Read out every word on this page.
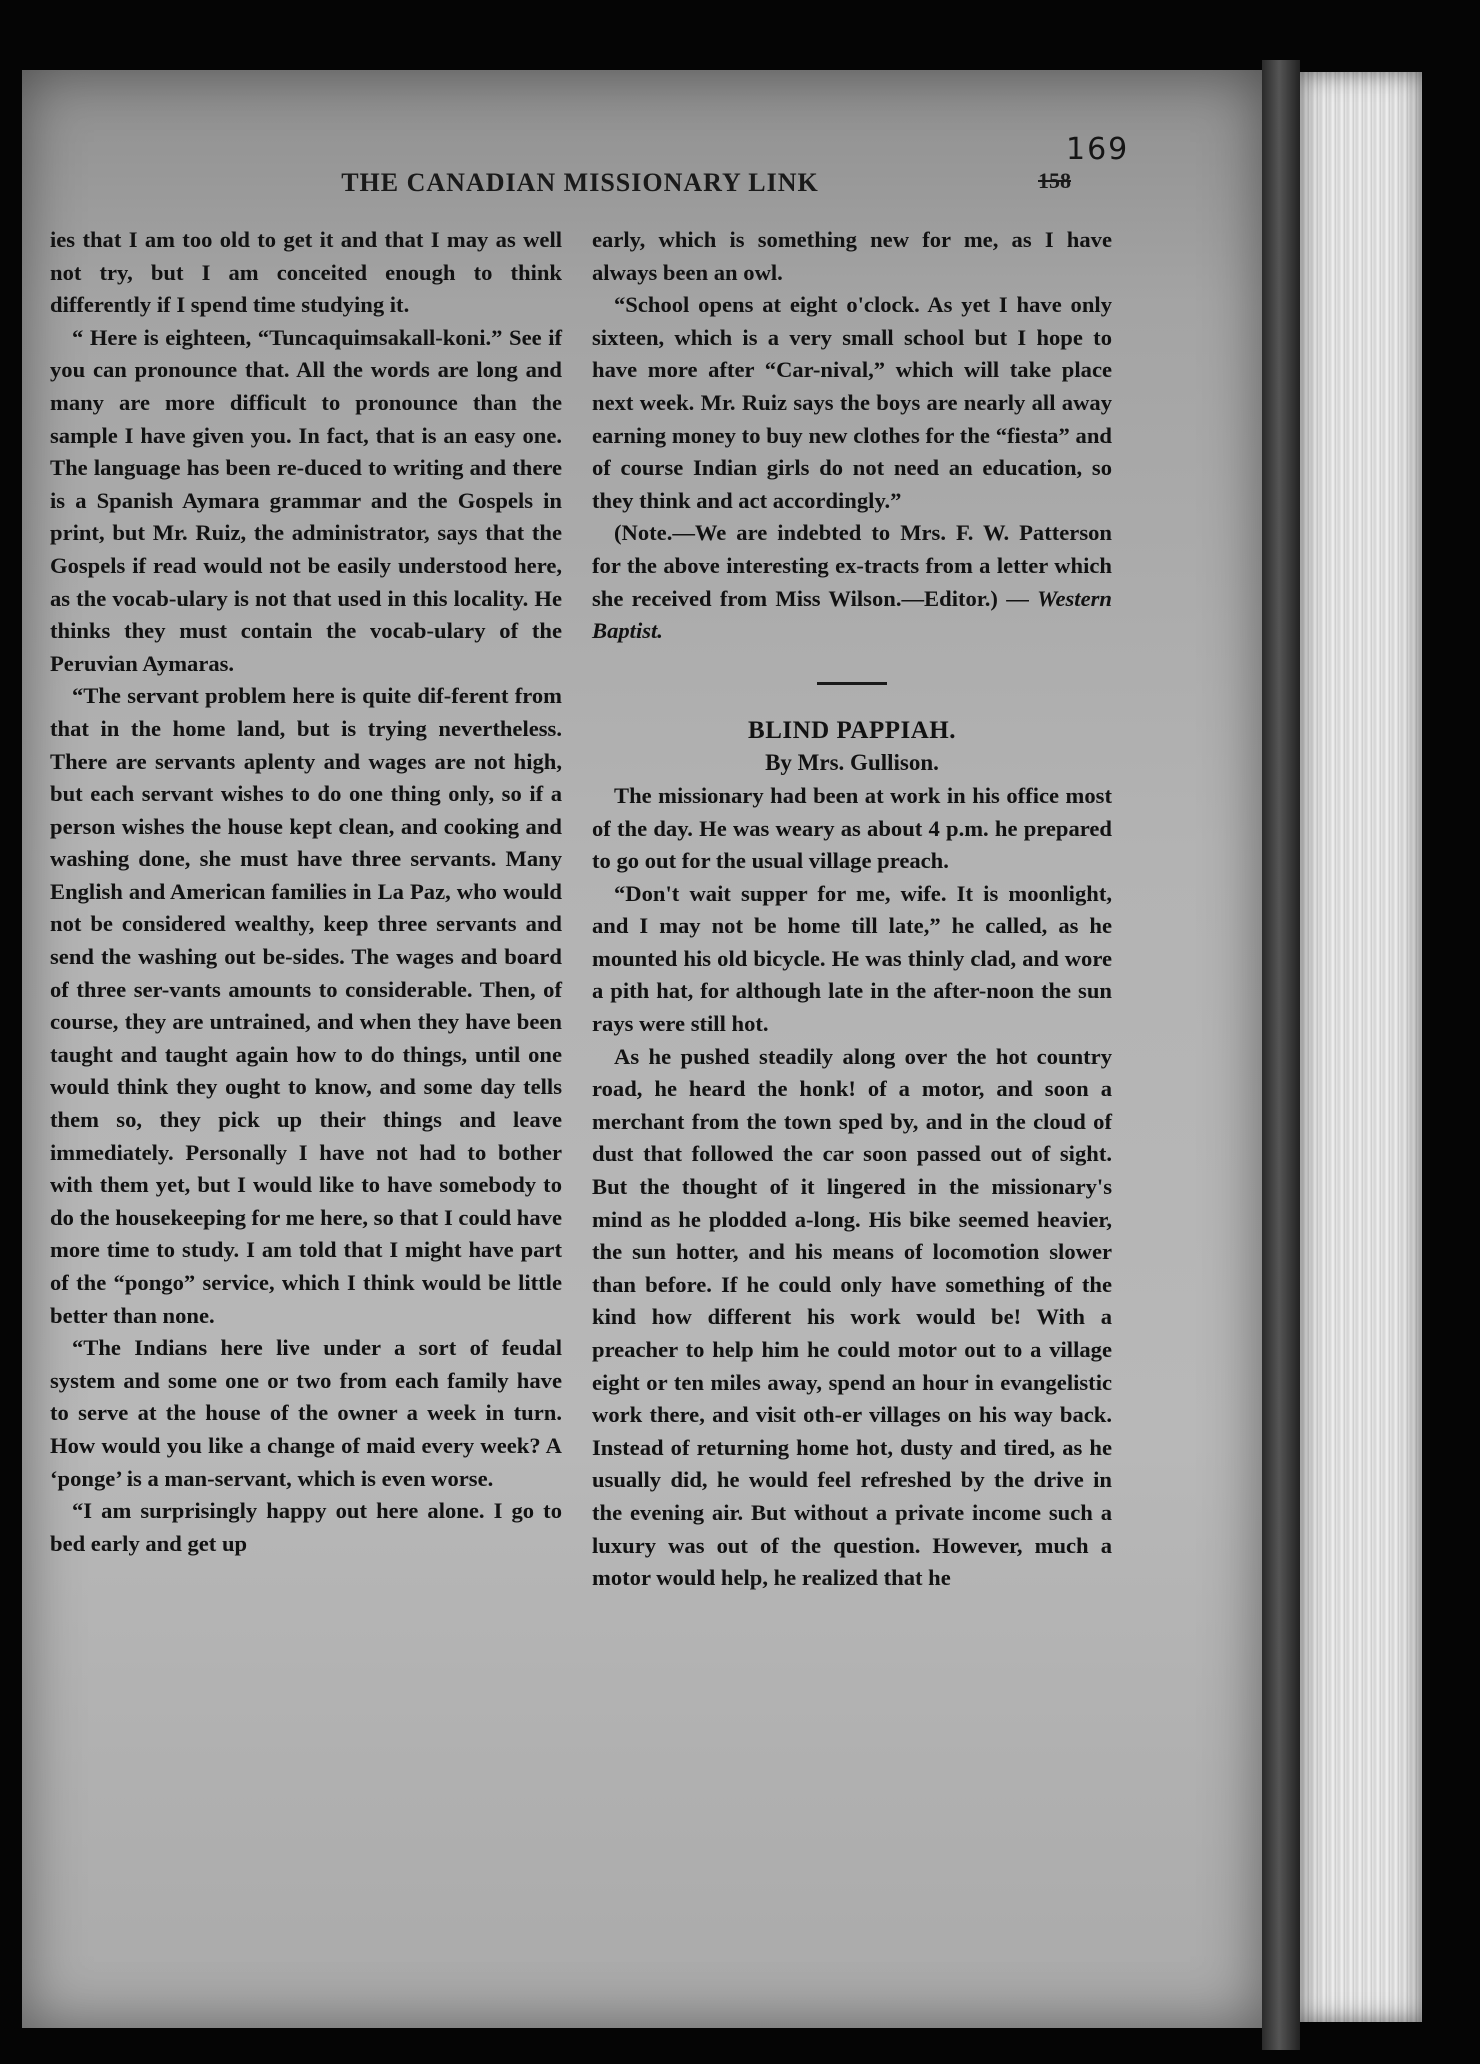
169
THE CANADIAN MISSIONARY LINK	158

ies that I am too old to get it and that I may as well not try, but I am conceited enough to think differently if I spend time studying it.

“ Here is eighteen, “Tuncaquimsakall-koni.” See if you can pronounce that. All the words are long and many are more difficult to pronounce than the sample I have given you. In fact, that is an easy one. The language has been re-duced to writing and there is a Spanish Aymara grammar and the Gospels in print, but Mr. Ruiz, the administrator, says that the Gospels if read would not be easily understood here, as the vocab-ulary is not that used in this locality. He thinks they must contain the vocab-ulary of the Peruvian Aymaras.

“The servant problem here is quite dif-ferent from that in the home land, but is trying nevertheless. There are servants aplenty and wages are not high, but each servant wishes to do one thing only, so if a person wishes the house kept clean, and cooking and washing done, she must have three servants. Many English and American families in La Paz, who would not be considered wealthy, keep three servants and send the washing out be-sides. The wages and board of three ser-vants amounts to considerable. Then, of course, they are untrained, and when they have been taught and taught again how to do things, until one would think they ought to know, and some day tells them so, they pick up their things and leave immediately. Personally I have not had to bother with them yet, but I would like to have somebody to do the housekeeping for me here, so that I could have more time to study. I am told that I might have part of the “pongo” service, which I think would be little better than none.

“The Indians here live under a sort of feudal system and some one or two from each family have to serve at the house of the owner a week in turn. How would you like a change of maid every week? A ‘ponge’ is a man-servant, which is even worse.

“I am surprisingly happy out here alone. I go to bed early and get up

early, which is something new for me, as I have always been an owl.

“School opens at eight o'clock. As yet I have only sixteen, which is a very small school but I hope to have more after “Car-nival,” which will take place next week. Mr. Ruiz says the boys are nearly all away earning money to buy new clothes for the “fiesta” and of course Indian girls do not need an education, so they think and act accordingly.”

(Note.—We are indebted to Mrs. F. W. Patterson for the above interesting ex-tracts from a letter which she received from Miss Wilson.—Editor.) — Western Baptist.

BLIND PAPPIAH.

By Mrs. Gullison.

The missionary had been at work in his office most of the day. He was weary as about 4 p.m. he prepared to go out for the usual village preach.

“Don't wait supper for me, wife. It is moonlight, and I may not be home till late,” he called, as he mounted his old bicycle. He was thinly clad, and wore a pith hat, for although late in the after-noon the sun rays were still hot.

As he pushed steadily along over the hot country road, he heard the honk! of a motor, and soon a merchant from the town sped by, and in the cloud of dust that followed the car soon passed out of sight. But the thought of it lingered in the missionary's mind as he plodded a-long. His bike seemed heavier, the sun hotter, and his means of locomotion slower than before. If he could only have something of the kind how different his work would be! With a preacher to help him he could motor out to a village eight or ten miles away, spend an hour in evangelistic work there, and visit oth-er villages on his way back. Instead of returning home hot, dusty and tired, as he usually did, he would feel refreshed by the drive in the evening air. But without a private income such a luxury was out of the question. However, much a motor would help, he realized that he
